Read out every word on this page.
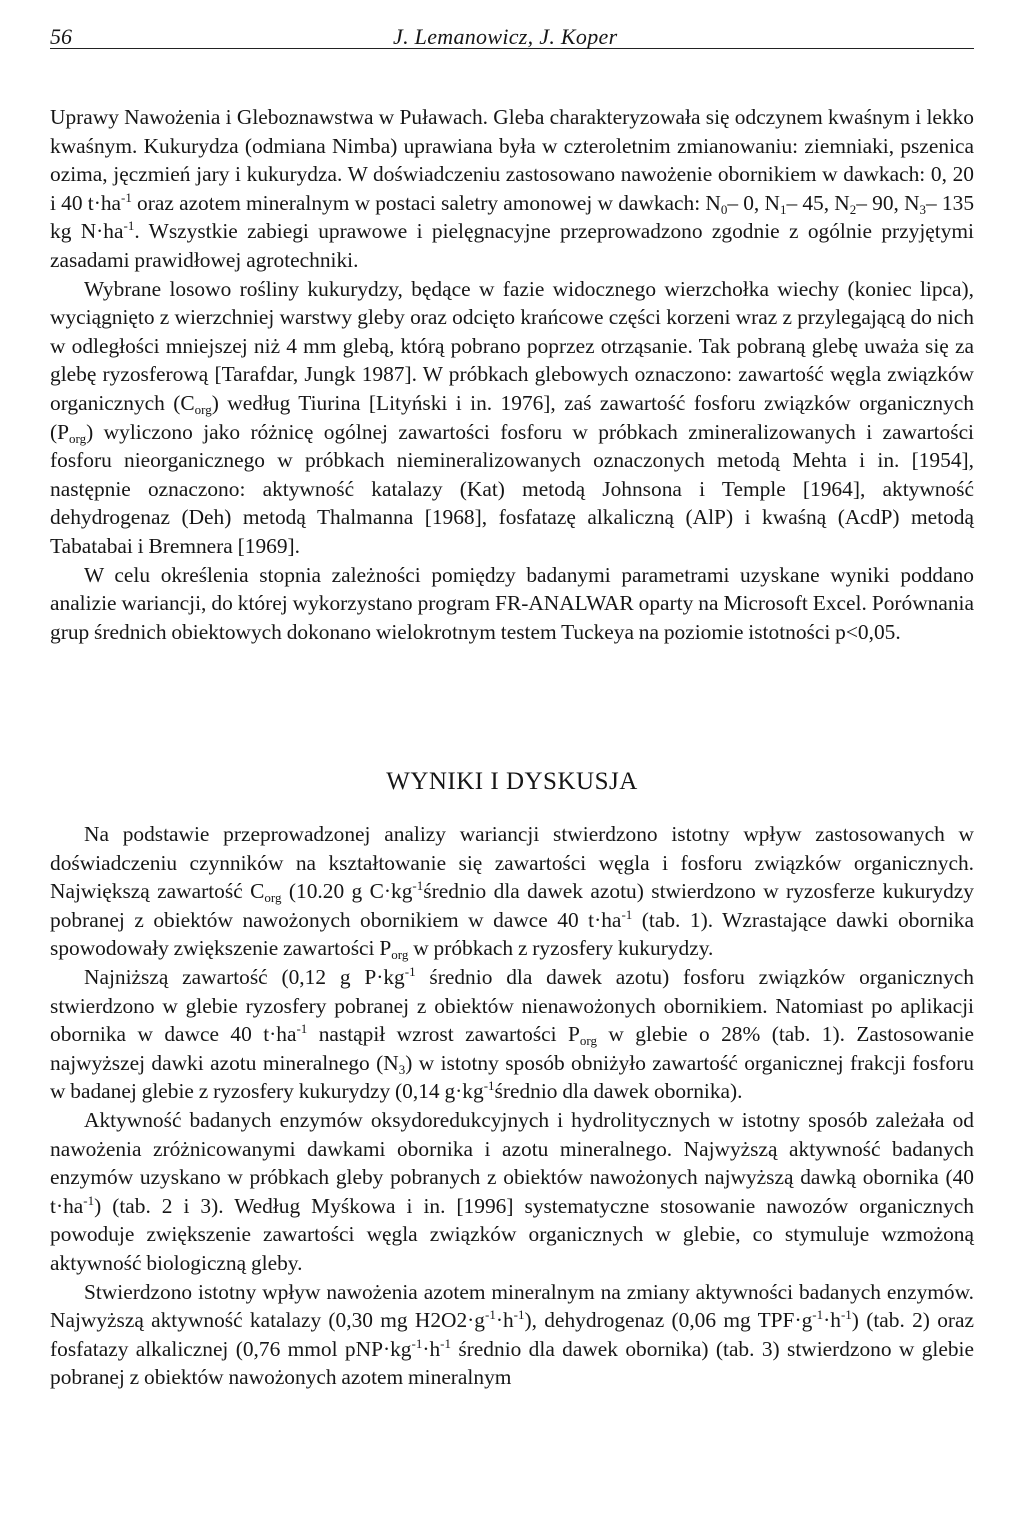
56	J. Lemanowicz, J. Koper

Uprawy Nawożenia i Gleboznawstwa w Puławach. Gleba charakteryzowała się odczynem kwaśnym i lekko kwaśnym. Kukurydza (odmiana Nimba) uprawiana była w czteroletnim zmianowaniu: ziemniaki, pszenica ozima, jęczmień jary i kukurydza. W doświadczeniu zastosowano nawożenie obornikiem w dawkach: 0, 20 i 40 $t\cdot ha^{-1}$ oraz azotem mineralnym w postaci saletry amonowej w dawkach: $N_0-$ 0, $N_1-$ 45, $N_2-$ 90, $N_3-$ 135 kg $N\cdot ha^{-1}$. Wszystkie zabiegi uprawowe i pielęgnacyjne przeprowadzono zgodnie z ogólnie przyjętymi zasadami prawidłowej agrotechniki.

Wybrane losowo rośliny kukurydzy, będące w fazie widocznego wierzchołka wiechy (koniec lipca), wyciągnięto z wierzchniej warstwy gleby oraz odcięto krańcowe części korzeni wraz z przylegającą do nich w odległości mniejszej niż 4 mm glebą, którą pobrano poprzez otrząsanie. Tak pobraną glebę uważa się za glebę ryzosferową [Tarafdar, Jungk 1987]. W próbkach glebowych oznaczono: zawartość węgla związków organicznych $(C_{org})$ według Tiurina [Lityński i in. 1976], zaś zawartość fosforu związków organicznych $(P_{org})$ wyliczono jako różnicę ogólnej zawartości fosforu w próbkach zmineralizowanych i zawartości fosforu nieorganicznego w próbkach niemineralizowanych oznaczonych metodą Mehta i in. [1954], następnie oznaczono: aktywność katalazy (Kat) metodą Johnsona i Temple [1964], aktywność dehydrogenaz (Deh) metodą Thalmanna [1968], fosfatazę alkaliczną (AlP) i kwaśną (AcdP) metodą Tabatabai i Bremnera [1969].

W celu określenia stopnia zależności pomiędzy badanymi parametrami uzyskane wyniki poddano analizie wariancji, do której wykorzystano program FR-ANALWAR oparty na Microsoft Excel. Porównania grup średnich obiektowych dokonano wielokrotnym testem Tuckeya na poziomie istotności p<0,05.

WYNIKI I DYSKUSJA

Na podstawie przeprowadzonej analizy wariancji stwierdzono istotny wpływ zastosowanych w doświadczeniu czynników na kształtowanie się zawartości węgla i fosforu związków organicznych. Największą zawartość $C_{org}$ (10.20 g $C\cdot kg^{-1}średnio$ dla dawek azotu) stwierdzono w ryzosferze kukurydzy pobranej z obiektów nawożonych obornikiem w dawce 40 $t\cdot ha^{-1}$ (tab. 1). Wzrastające dawki obornika spowodowały zwiększenie zawartości $P_{org}$ w próbkach z ryzosfery kukurydzy.

Najniższą zawartość (0,12 g $P\cdot kg^{-1}$ średnio dla dawek azotu) fosforu związków organicznych stwierdzono w glebie ryzosfery pobranej z obiektów nienawożonych obornikiem. Natomiast po aplikacji obornika w dawce 40 $t\cdot ha^{-1}$ nastąpił wzrost zawartości $P_{org}$ w glebie o 28% (tab. 1). Zastosowanie najwyższej dawki azotu mineralnego $(N_3)$ w istotny sposób obniżyło zawartość organicznej frakcji fosforu w badanej glebie z ryzosfery kukurydzy (0,14 $g\cdot kg^{-1}średnio$ dla dawek obornika).

Aktywność badanych enzymów oksydoredukcyjnych i hydrolitycznych w istotny sposób zależała od nawożenia zróżnicowanymi dawkami obornika i azotu mineralnego. Najwyższą aktywność badanych enzymów uzyskano w próbkach gleby pobranych z obiektów nawożonych najwyższą dawką obornika (40 $t\cdot ha^{-1}$) (tab. 2 i 3). Według Myśkowa i in. [1996] systematyczne stosowanie nawozów organicznych powoduje zwiększenie zawartości węgla związków organicznych w glebie, co stymuluje wzmożoną aktywność biologiczną gleby.

Stwierdzono istotny wpływ nawożenia azotem mineralnym na zmiany aktywności badanych enzymów. Najwyższą aktywność katalazy (0,30 mg $H2O2\cdot g^{-1}\cdot h^{-1}$), dehydrogenaz (0,06 mg $TPF\cdot g^{-1}\cdot h^{-1}$) (tab. 2) oraz fosfatazy alkalicznej (0,76 mmol $pNP\cdot kg^{-1}\cdot h^{-1}$ średnio dla dawek obornika) (tab. 3) stwierdzono w glebie pobranej z obiektów nawożonych azotem mineralnym
